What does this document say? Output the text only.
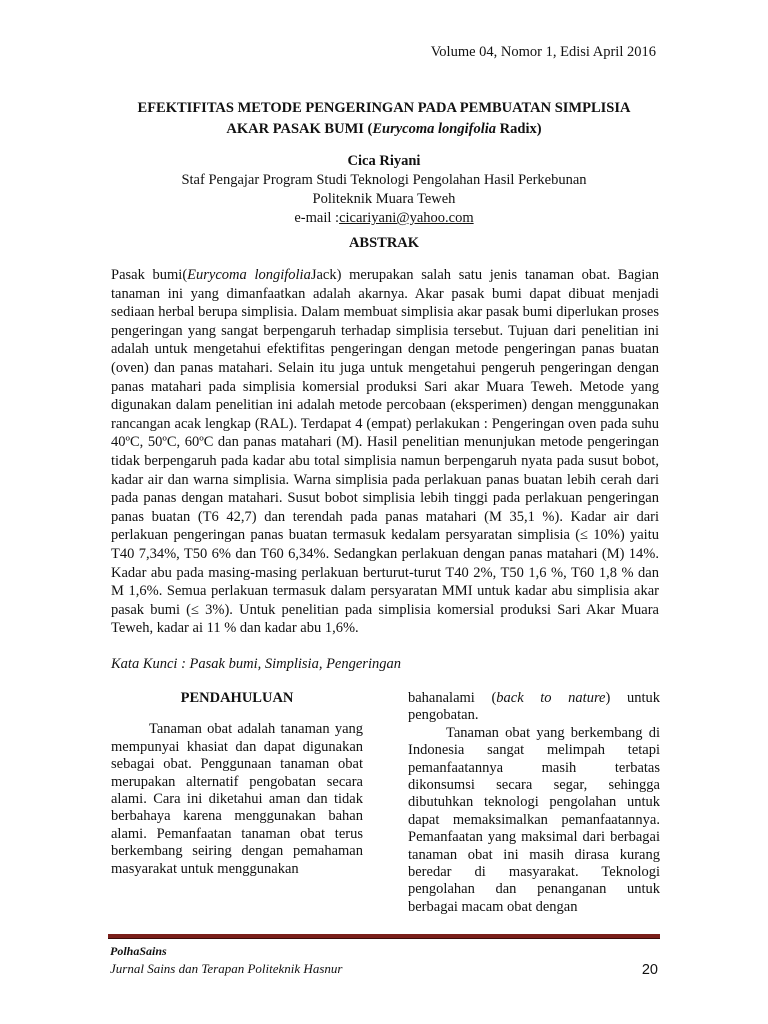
Volume 04, Nomor 1, Edisi April 2016
EFEKTIFITAS METODE PENGERINGAN PADA PEMBUATAN SIMPLISIA
AKAR PASAK BUMI (Eurycoma longifolia Radix)
Cica Riyani
Staf Pengajar Program Studi Teknologi Pengolahan Hasil Perkebunan
Politeknik Muara Teweh
e-mail :cicariyani@yahoo.com
ABSTRAK
Pasak bumi(Eurycoma longifoliaJack) merupakan salah satu jenis tanaman obat. Bagian tanaman ini yang dimanfaatkan adalah akarnya. Akar pasak bumi dapat dibuat menjadi sediaan herbal berupa simplisia. Dalam membuat simplisia akar pasak bumi diperlukan proses pengeringan yang sangat berpengaruh terhadap simplisia tersebut. Tujuan dari penelitian ini adalah untuk mengetahui efektifitas pengeringan dengan metode pengeringan panas buatan (oven) dan panas matahari. Selain itu juga untuk mengetahui pengeruh pengeringan dengan panas matahari pada simplisia komersial produksi Sari akar Muara Teweh. Metode yang digunakan dalam penelitian ini adalah metode percobaan (eksperimen) dengan menggunakan rancangan acak lengkap (RAL). Terdapat 4 (empat) perlakukan : Pengeringan oven pada suhu 40ºC, 50ºC, 60ºC dan panas matahari (M). Hasil penelitian menunjukan metode pengeringan tidak berpengaruh pada kadar abu total simplisia namun berpengaruh nyata pada susut bobot, kadar air dan warna simplisia. Warna simplisia pada perlakuan panas buatan lebih cerah dari pada panas dengan matahari. Susut bobot simplisia lebih tinggi pada perlakuan pengeringan panas buatan (T6 42,7) dan terendah pada panas matahari (M 35,1 %). Kadar air dari perlakuan pengeringan panas buatan termasuk kedalam persyaratan simplisia (≤ 10%) yaitu T40 7,34%, T50 6% dan T60 6,34%. Sedangkan perlakuan dengan panas matahari (M) 14%. Kadar abu pada masing-masing perlakuan berturut-turut T40 2%, T50 1,6 %, T60 1,8 % dan M 1,6%. Semua perlakuan termasuk dalam persyaratan MMI untuk kadar abu simplisia akar pasak bumi (≤ 3%). Untuk penelitian pada simplisia komersial produksi Sari Akar Muara Teweh, kadar ai 11 % dan kadar abu 1,6%.
Kata Kunci : Pasak bumi, Simplisia, Pengeringan
PENDAHULUAN

Tanaman obat adalah tanaman yang mempunyai khasiat dan dapat digunakan sebagai obat. Penggunaan tanaman obat merupakan alternatif pengobatan secara alami. Cara ini diketahui aman dan tidak berbahaya karena menggunakan bahan alami. Pemanfaatan tanaman obat terus berkembang seiring dengan pemahaman masyarakat untuk menggunakan

bahanalami (back to nature) untuk pengobatan.

Tanaman obat yang berkembang di Indonesia sangat melimpah tetapi pemanfaatannya masih terbatas dikonsumsi secara segar, sehingga dibutuhkan teknologi pengolahan untuk dapat memaksimalkan pemanfaatannya. Pemanfaatan yang maksimal dari berbagai tanaman obat ini masih dirasa kurang beredar di masyarakat. Teknologi pengolahan dan penanganan untuk berbagai macam obat dengan

PolhaSains
Jurnal Sains dan Terapan Politeknik Hasnur	20
